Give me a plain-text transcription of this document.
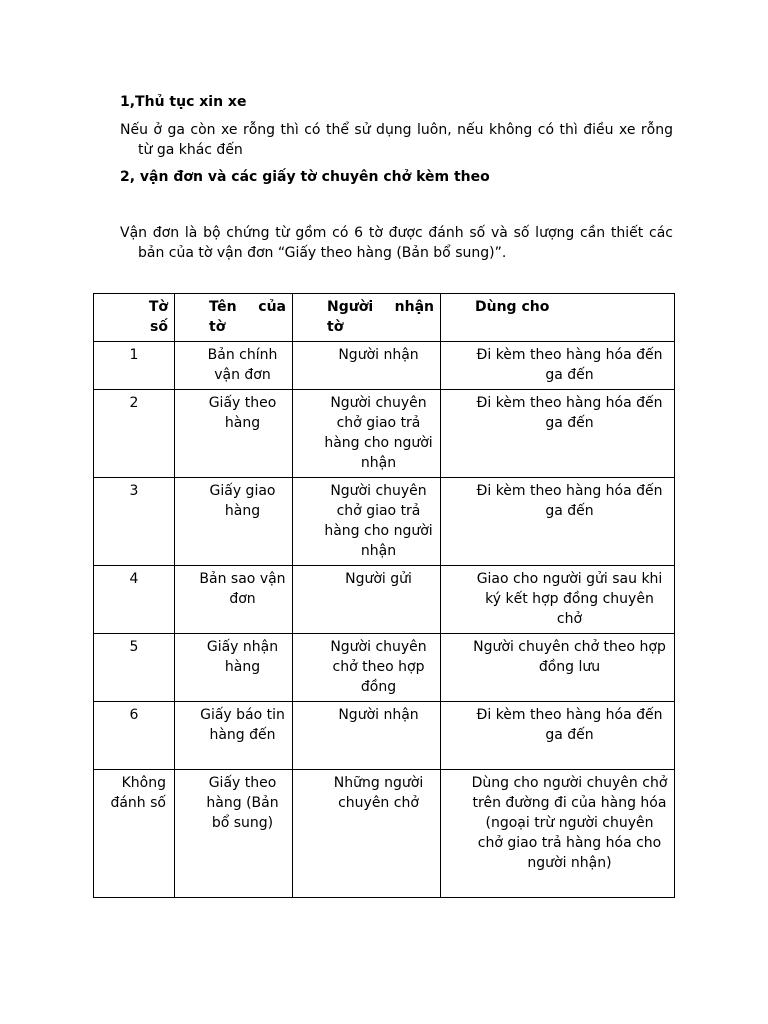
1,Thủ tục xin xe
Nếu ở ga còn xe rỗng thì có thể sử dụng luôn, nếu không có thì điều xe rỗng
từ ga khác đến
2, vận đơn và các giấy tờ chuyên chở kèm theo
Vận đơn là bộ chứng từ gồm có 6 tờ được đánh số và số lượng cần thiết các
bản của tờ vận đơn “Giấy theo hàng (Bản bổ sung)”.
Tờ số	Tên của tờ	Người nhận tờ	Dùng cho
1	Bản chính vận đơn	Người nhận	Đi kèm theo hàng hóa đến ga đến
2	Giấy theo hàng	Người chuyên chở giao trả hàng cho người nhận	Đi kèm theo hàng hóa đến ga đến
3	Giấy giao hàng	Người chuyên chở giao trả hàng cho người nhận	Đi kèm theo hàng hóa đến ga đến
4	Bản sao vận đơn	Người gửi	Giao cho người gửi sau khi ký kết hợp đồng chuyên chở
5	Giấy nhận hàng	Người chuyên chở theo hợp đồng	Người chuyên chở theo hợp đồng lưu
6	Giấy báo tin hàng đến	Người nhận	Đi kèm theo hàng hóa đến ga đến
Không đánh số	Giấy theo hàng (Bản bổ sung)	Những người chuyên chở	Dùng cho người chuyên chở trên đường đi của hàng hóa (ngoại trừ người chuyên chở giao trả hàng hóa cho người nhận)
